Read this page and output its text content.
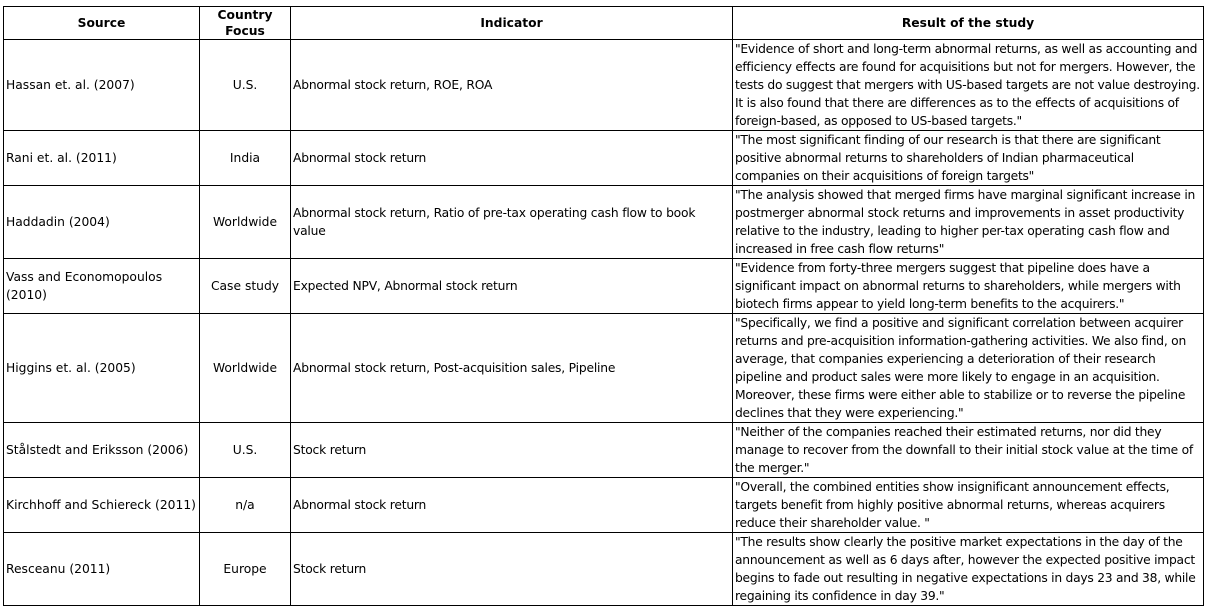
Source	Country Focus	Indicator	Result of the study
Hassan et. al. (2007)	U.S.	Abnormal stock return, ROE, ROA	"Evidence of short and long-term abnormal returns, as well as accounting and efficiency effects are found for acquisitions but not for mergers. However, the tests do suggest that mergers with US-based targets are not value destroying. It is also found that there are differences as to the effects of acquisitions of foreign-based, as opposed to US-based targets."
Rani et. al. (2011)	India	Abnormal stock return	"The most significant finding of our research is that there are significant positive abnormal returns to shareholders of Indian pharmaceutical companies on their acquisitions of foreign targets"
Haddadin (2004)	Worldwide	Abnormal stock return, Ratio of pre-tax operating cash flow to book value	"The analysis showed that merged firms have marginal significant increase in postmerger abnormal stock returns and improvements in asset productivity relative to the industry, leading to higher per-tax operating cash flow and increased in free cash flow returns"
Vass and Economopoulos (2010)	Case study	Expected NPV, Abnormal stock return	"Evidence from forty-three mergers suggest that pipeline does have a significant impact on abnormal returns to shareholders, while mergers with biotech firms appear to yield long-term benefits to the acquirers."
Higgins et. al. (2005)	Worldwide	Abnormal stock return, Post-acquisition sales, Pipeline	"Specifically, we find a positive and significant correlation between acquirer returns and pre-acquisition information-gathering activities. We also find, on average, that companies experiencing a deterioration of their research pipeline and product sales were more likely to engage in an acquisition. Moreover, these firms were either able to stabilize or to reverse the pipeline declines that they were experiencing."
Stålstedt and Eriksson (2006)	U.S.	Stock return	"Neither of the companies reached their estimated returns, nor did they manage to recover from the downfall to their initial stock value at the time of the merger."
Kirchhoff and Schiereck (2011)	n/a	Abnormal stock return	"Overall, the combined entities show insignificant announcement effects, targets benefit from highly positive abnormal returns, whereas acquirers reduce their shareholder value. "
Resceanu (2011)	Europe	Stock return	"The results show clearly the positive market expectations in the day of the announcement as well as 6 days after, however the expected positive impact begins to fade out resulting in negative expectations in days 23 and 38, while regaining its confidence in day 39."
